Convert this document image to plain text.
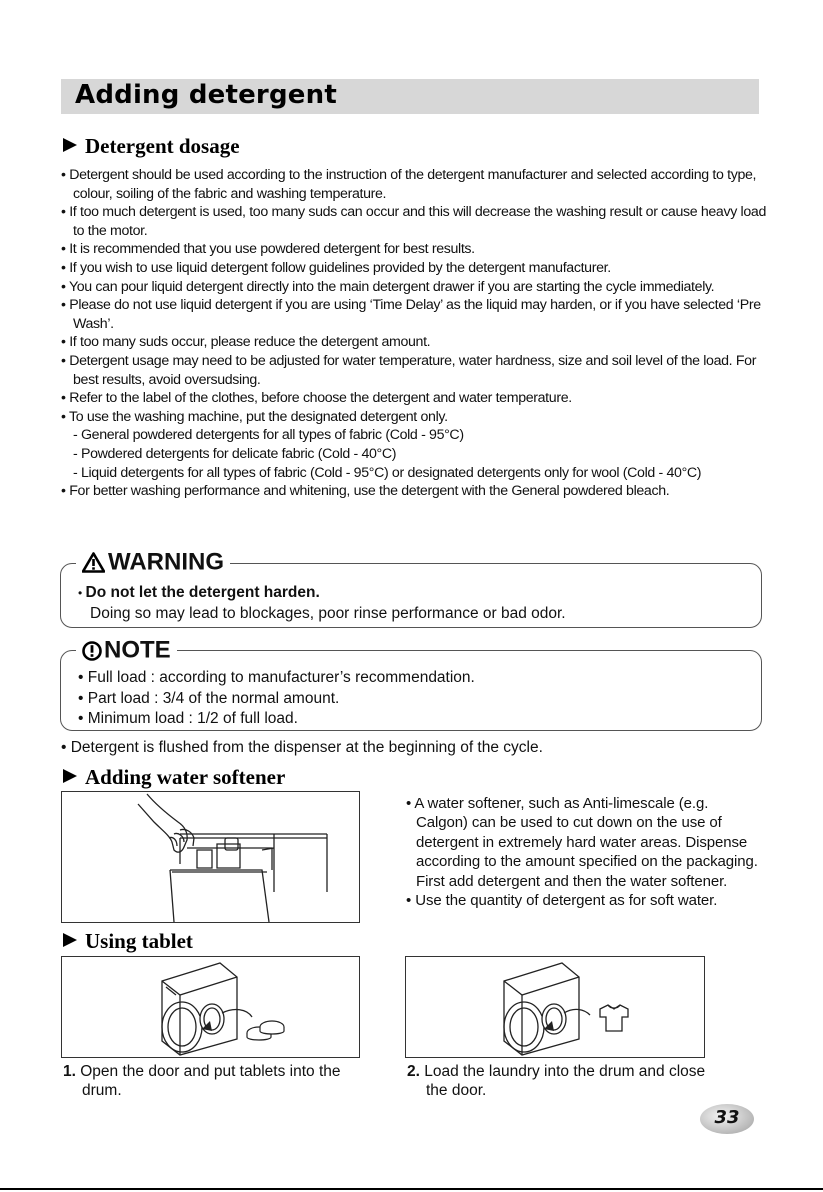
Adding detergent
Detergent dosage
• Detergent should be used according to the instruction of the detergent manufacturer and selected according to type, colour, soiling of the fabric and washing temperature.
• If too much detergent is used, too many suds can occur and this will decrease the washing result or cause heavy load to the motor.
• It is recommended that you use powdered detergent for best results.
• If you wish to use liquid detergent follow guidelines provided by the detergent manufacturer.
• You can pour liquid detergent directly into the main detergent drawer if you are starting the cycle immediately.
• Please do not use liquid detergent if you are using ‘Time Delay’ as the liquid may harden, or if you have selected ‘Pre Wash’.
• If too many suds occur, please reduce the detergent amount.
• Detergent usage may need to be adjusted for water temperature, water hardness, size and soil level of the load. For best results, avoid oversudsing.
• Refer to the label of the clothes, before choose the detergent and water temperature.
• To use the washing machine, put the designated detergent only.
- General powdered detergents for all types of fabric (Cold - 95°C)
- Powdered detergents for delicate fabric (Cold - 40°C)
- Liquid detergents for all types of fabric (Cold - 95°C) or designated detergents only for wool (Cold - 40°C)
• For better washing performance and whitening, use the detergent with the General powdered bleach.
WARNING
• Do not let the detergent harden.
Doing so may lead to blockages, poor rinse performance or bad odor.
NOTE
• Full load : according to manufacturer’s recommendation.
• Part load : 3/4 of the normal amount.
• Minimum load : 1/2 of full load.
• Detergent is flushed from the dispenser at the beginning of the cycle.
Adding water softener
• A water softener, such as Anti-limescale (e.g. Calgon) can be used to cut down on the use of detergent in extremely hard water areas. Dispense according to the amount specified on the packaging. First add detergent and then the water softener.
• Use the quantity of detergent as for soft water.
Using tablet
1. Open the door and put tablets into the drum.
2. Load the laundry into the drum and close the door.
33
